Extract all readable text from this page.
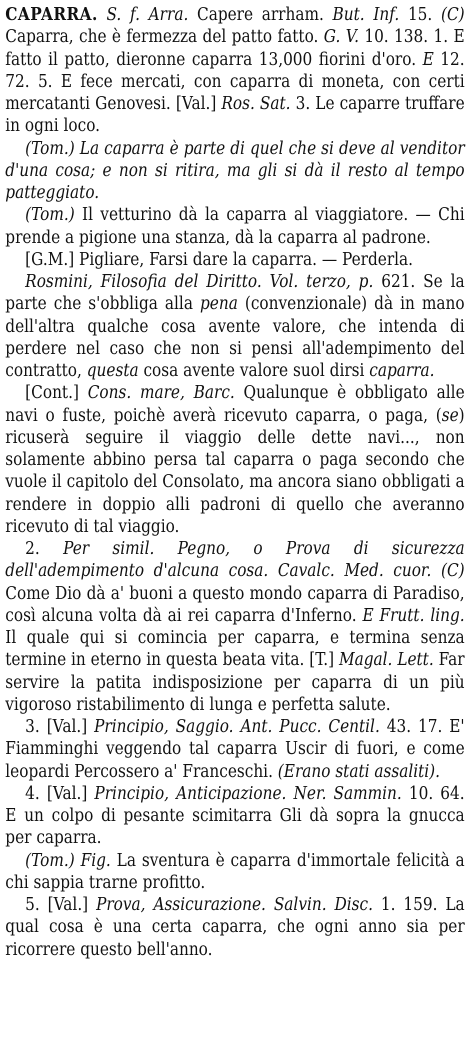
CAPARRA. S. f. Arra. Capere arrham. But. Inf. 15. (C) Caparra, che è fermezza del patto fatto. G. V. 10. 138. 1. E fatto il patto, dieronne caparra 13,000 fiorini d'oro. E 12. 72. 5. E fece mercati, con caparra di moneta, con certi mercatanti Genovesi. [Val.] Ros. Sat. 3. Le caparre truffare in ogni loco.

(Tom.) La caparra è parte di quel che si deve al venditor d'una cosa; e non si ritira, ma gli si dà il resto al tempo patteggiato.

(Tom.) Il vetturino dà la caparra al viaggiatore. — Chi prende a pigione una stanza, dà la caparra al padrone.

[G.M.] Pigliare, Farsi dare la caparra. — Perderla.

Rosmini, Filosofia del Diritto. Vol. terzo, p. 621. Se la parte che s'obbliga alla pena (convenzionale) dà in mano dell'altra qualche cosa avente valore, che intenda di perdere nel caso che non si pensi all'adempimento del contratto, questa cosa avente valore suol dirsi caparra.

[Cont.] Cons. mare, Barc. Qualunque è obbligato alle navi o fuste, poichè averà ricevuto caparra, o paga, (se) ricuserà seguire il viaggio delle dette navi..., non solamente abbino persa tal caparra o paga secondo che vuole il capitolo del Consolato, ma ancora siano obbligati a rendere in doppio alli padroni di quello che averanno ricevuto di tal viaggio.

2. Per simil. Pegno, o Prova di sicurezza dell'adempimento d'alcuna cosa. Cavalc. Med. cuor. (C) Come Dio dà a' buoni a questo mondo caparra di Paradiso, così alcuna volta dà ai rei caparra d'Inferno. E Frutt. ling. Il quale qui si comincia per caparra, e termina senza termine in eterno in questa beata vita. [T.] Magal. Lett. Far servire la patita indisposizione per caparra di un più vigoroso ristabilimento di lunga e perfetta salute.

3. [Val.] Principio, Saggio. Ant. Pucc. Centil. 43. 17. E' Fiamminghi veggendo tal caparra Uscir di fuori, e come leopardi Percossero a' Franceschi. (Erano stati assaliti).

4. [Val.] Principio, Anticipazione. Ner. Sammin. 10. 64. E un colpo di pesante scimitarra Gli dà sopra la gnucca per caparra.

(Tom.) Fig. La sventura è caparra d'immortale felicità a chi sappia trarne profitto.

5. [Val.] Prova, Assicurazione. Salvin. Disc. 1. 159. La qual cosa è una certa caparra, che ogni anno sia per ricorrere questo bell'anno.
